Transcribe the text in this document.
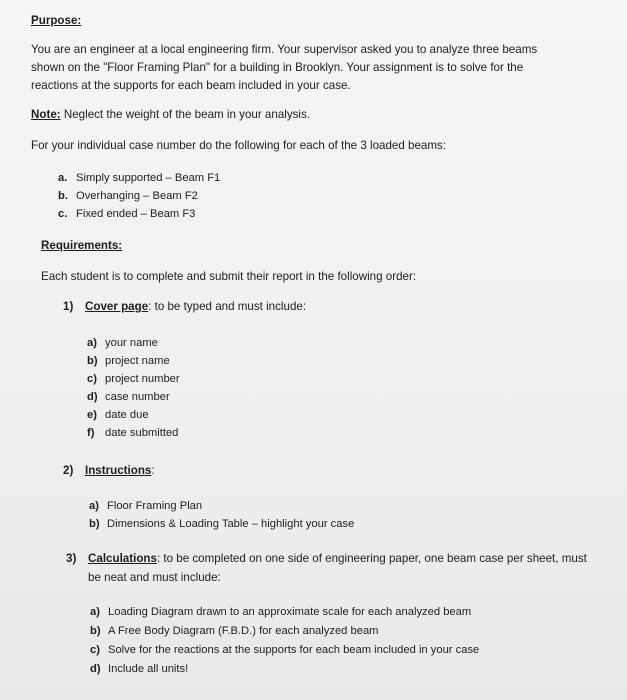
Purpose:

You are an engineer at a local engineering firm. Your supervisor asked you to analyze three beams

shown on the "Floor Framing Plan" for a building in Brooklyn. Your assignment is to solve for the

reactions at the supports for each beam included in your case.

Note: Neglect the weight of the beam in your analysis.

For your individual case number do the following for each of the 3 loaded beams:

a. Simply supported – Beam F1
b. Overhanging – Beam F2
c. Fixed ended – Beam F3

Requirements:

Each student is to complete and submit their report in the following order:

1) Cover page: to be typed and must include:

a) your name
b) project name
c) project number
d) case number
e) date due
f) date submitted

2) Instructions:

a) Floor Framing Plan
b) Dimensions & Loading Table – highlight your case

3) Calculations: to be completed on one side of engineering paper, one beam case per sheet, must

be neat and must include:

a) Loading Diagram drawn to an approximate scale for each analyzed beam
b) A Free Body Diagram (F.B.D.) for each analyzed beam
c) Solve for the reactions at the supports for each beam included in your case
d) Include all units!
